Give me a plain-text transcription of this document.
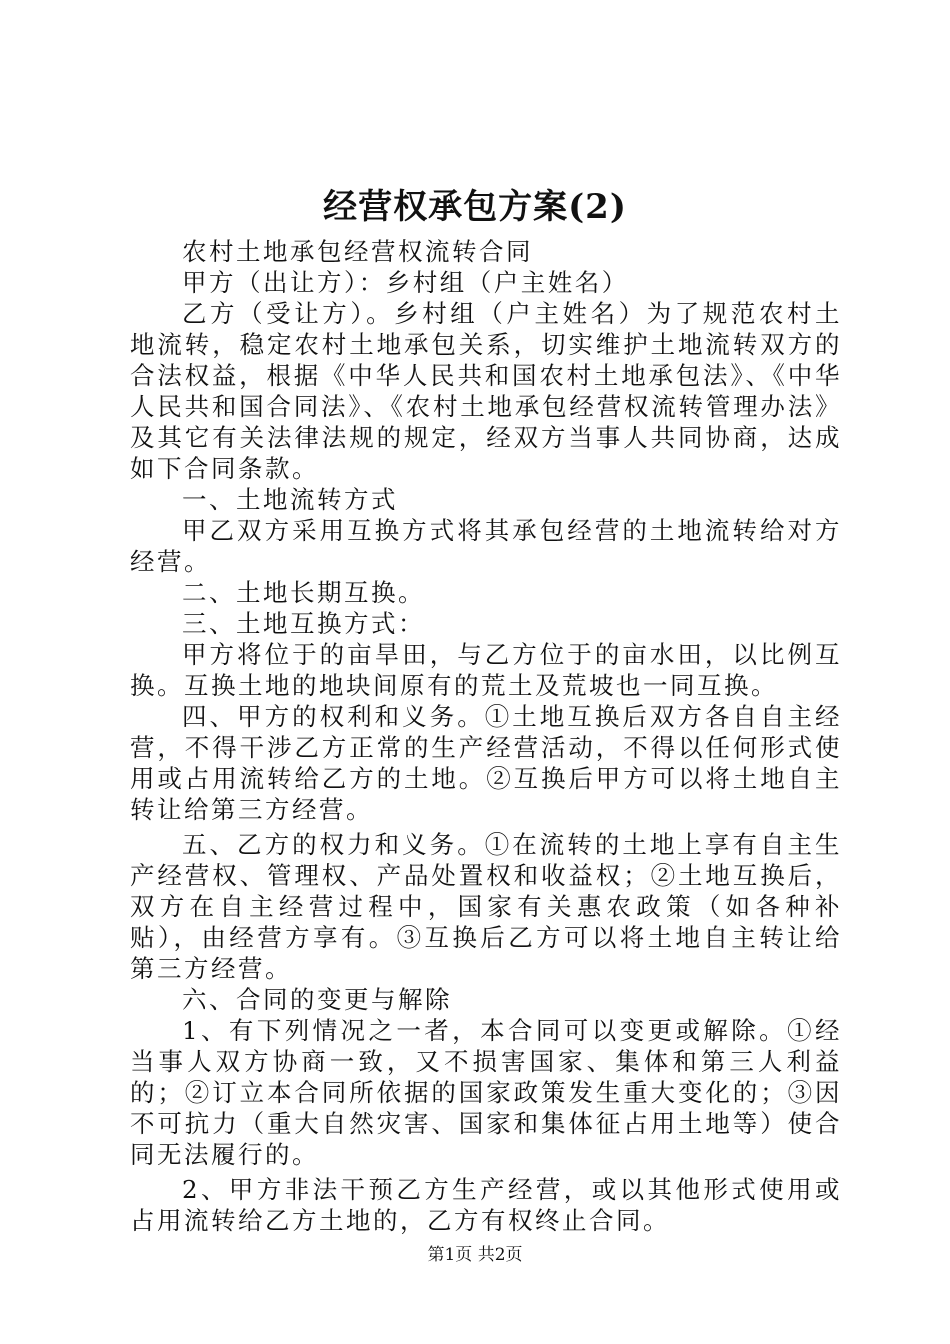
经营权承包方案(2)

农村土地承包经营权流转合同

甲方（出让方）：乡村组（户主姓名）

乙方（受让方）。乡村组（户主姓名）为了规范农村土地流转，稳定农村土地承包关系，切实维护土地流转双方的合法权益，根据《中华人民共和国农村土地承包法》、《中华人民共和国合同法》、《农村土地承包经营权流转管理办法》及其它有关法律法规的规定，经双方当事人共同协商，达成如下合同条款。

一、土地流转方式

甲乙双方采用互换方式将其承包经营的土地流转给对方经营。

二、土地长期互换。

三、土地互换方式：

甲方将位于的亩旱田，与乙方位于的亩水田，以比例互换。互换土地的地块间原有的荒土及荒坡也一同互换。

四、甲方的权利和义务。①土地互换后双方各自自主经营，不得干涉乙方正常的生产经营活动，不得以任何形式使用或占用流转给乙方的土地。②互换后甲方可以将土地自主转让给第三方经营。

五、乙方的权力和义务。①在流转的土地上享有自主生产经营权、管理权、产品处置权和收益权；②土地互换后，双方在自主经营过程中，国家有关惠农政策（如各种补贴），由经营方享有。③互换后乙方可以将土地自主转让给第三方经营。

六、合同的变更与解除

1、有下列情况之一者，本合同可以变更或解除。①经当事人双方协商一致，又不损害国家、集体和第三人利益的；②订立本合同所依据的国家政策发生重大变化的；③因不可抗力（重大自然灾害、国家和集体征占用土地等）使合同无法履行的。

2、甲方非法干预乙方生产经营，或以其他形式使用或占用流转给乙方土地的，乙方有权终止合同。

第1页 共2页
